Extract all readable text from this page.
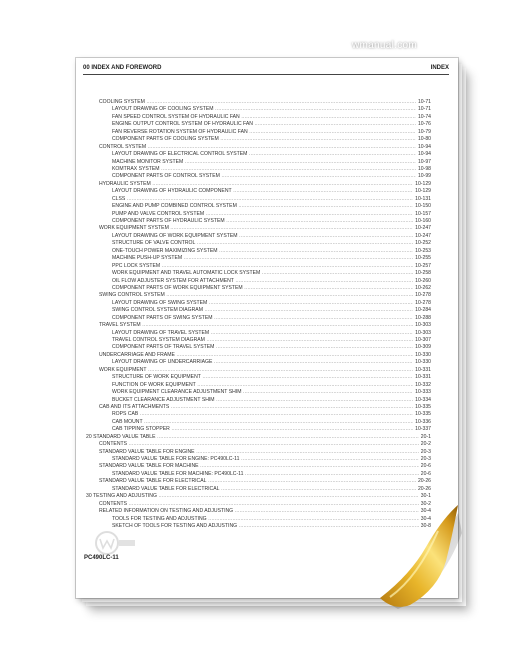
00 INDEX AND FOREWORD	INDEX
COOLING SYSTEM .....	10-71
LAYOUT DRAWING OF COOLING SYSTEM .....	10-71
FAN SPEED CONTROL SYSTEM OF HYDRAULIC FAN .....	10-74
ENGINE OUTPUT CONTROL SYSTEM OF HYDRAULIC FAN .....	10-76
FAN REVERSE ROTATION SYSTEM OF HYDRAULIC FAN .....	10-79
COMPONENT PARTS OF COOLING SYSTEM .....	10-80
CONTROL SYSTEM .....	10-94
LAYOUT DRAWING OF ELECTRICAL CONTROL SYSTEM .....	10-94
MACHINE MONITOR SYSTEM .....	10-97
KOMTRAX SYSTEM .....	10-98
COMPONENT PARTS OF CONTROL SYSTEM .....	10-99
HYDRAULIC SYSTEM .....	10-129
LAYOUT DRAWING OF HYDRAULIC COMPONENT .....	10-129
CLSS .....	10-131
ENGINE AND PUMP COMBINED CONTROL SYSTEM .....	10-150
PUMP AND VALVE CONTROL SYSTEM .....	10-157
COMPONENT PARTS OF HYDRAULIC SYSTEM .....	10-160
WORK EQUIPMENT SYSTEM .....	10-247
LAYOUT DRAWING OF WORK EQUIPMENT SYSTEM .....	10-247
STRUCTURE OF VALVE CONTROL .....	10-252
ONE-TOUCH POWER MAXIMIZING SYSTEM .....	10-253
MACHINE PUSH-UP SYSTEM .....	10-255
PPC LOCK SYSTEM .....	10-257
WORK EQUIPMENT AND TRAVEL AUTOMATIC LOCK SYSTEM .....	10-258
OIL FLOW ADJUSTER SYSTEM FOR ATTACHMENT .....	10-260
COMPONENT PARTS OF WORK EQUIPMENT SYSTEM .....	10-262
SWING CONTROL SYSTEM .....	10-278
LAYOUT DRAWING OF SWING SYSTEM .....	10-278
SWING CONTROL SYSTEM DIAGRAM .....	10-284
COMPONENT PARTS OF SWING SYSTEM .....	10-288
TRAVEL SYSTEM .....	10-303
LAYOUT DRAWING OF TRAVEL SYSTEM .....	10-303
TRAVEL CONTROL SYSTEM DIAGRAM .....	10-307
COMPONENT PARTS OF TRAVEL SYSTEM .....	10-309
UNDERCARRIAGE AND FRAME .....	10-330
LAYOUT DRAWING OF UNDERCARRIAGE .....	10-330
WORK EQUIPMENT .....	10-331
STRUCTURE OF WORK EQUIPMENT .....	10-331
FUNCTION OF WORK EQUIPMENT .....	10-332
WORK EQUIPMENT CLEARANCE ADJUSTMENT SHIM .....	10-333
BUCKET CLEARANCE ADJUSTMENT SHIM .....	10-334
CAB AND ITS ATTACHMENTS .....	10-335
ROPS CAB .....	10-335
CAB MOUNT .....	10-336
CAB TIPPING STOPPER .....	10-337
20 STANDARD VALUE TABLE .....	20-1
CONTENTS .....	20-2
STANDARD VALUE TABLE FOR ENGINE .....	20-3
STANDARD VALUE TABLE FOR ENGINE: PC490LC-11 .....	20-3
STANDARD VALUE TABLE FOR MACHINE .....	20-6
STANDARD VALUE TABLE FOR MACHINE: PC490LC-11 .....	20-6
STANDARD VALUE TABLE FOR ELECTRICAL .....	20-26
STANDARD VALUE TABLE FOR ELECTRICAL .....	20-26
30 TESTING AND ADJUSTING .....	30-1
CONTENTS .....	30-2
RELATED INFORMATION ON TESTING AND ADJUSTING .....	30-4
TOOLS FOR TESTING AND ADJUSTING .....	30-4
SKETCH OF TOOLS FOR TESTING AND ADJUSTING .....	30-8
PC490LC-11
wmanual.com
